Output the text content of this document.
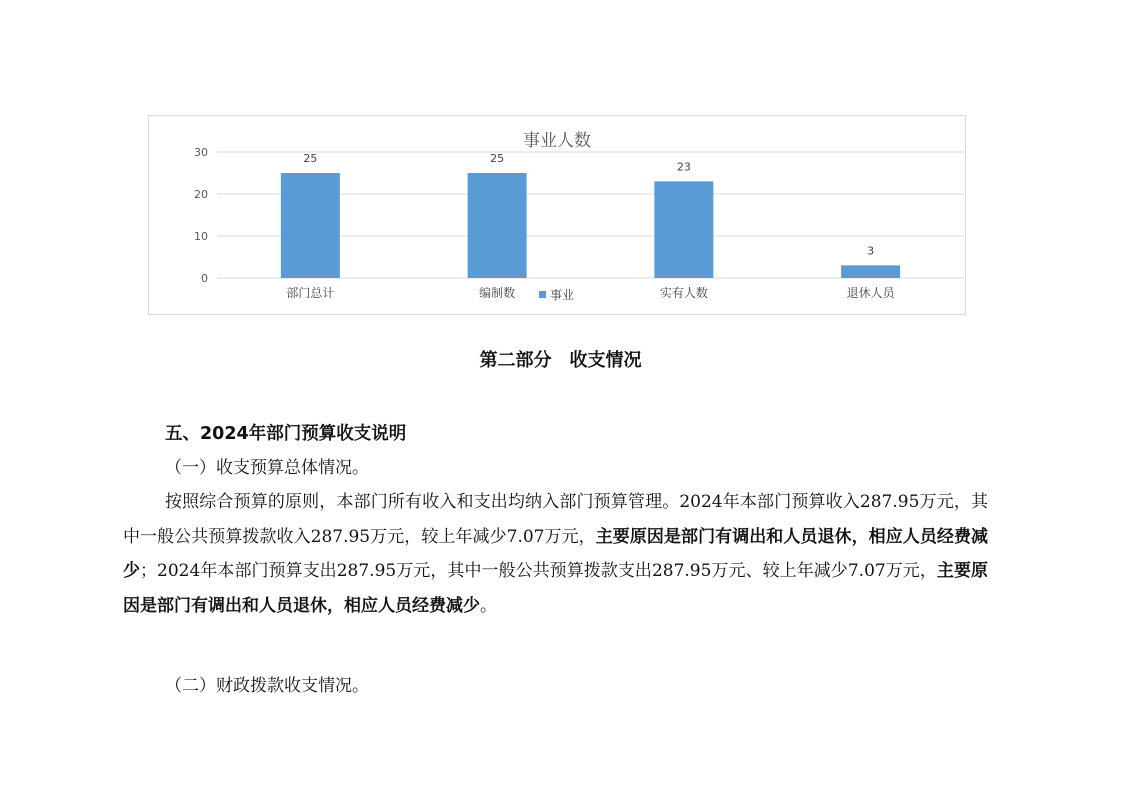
事业人数
0
10
20
30	25
部门总计
25
编制数
23
实有人数
3
退休人员
事业
第二部分　收支情况
五、2024年部门预算收支说明

（一）收支预算总体情况。

按照综合预算的原则，本部门所有收入和支出均纳入部门预算管理。2024年本部门预算收入287.95万元，其中一般公共预算拨款收入287.95万元，较上年减少7.07万元，主要原因是部门有调出和人员退休，相应人员经费减少；2024年本部门预算支出287.95万元，其中一般公共预算拨款支出287.95万元、较上年减少7.07万元，主要原因是部门有调出和人员退休，相应人员经费减少。

（二）财政拨款收支情况。
